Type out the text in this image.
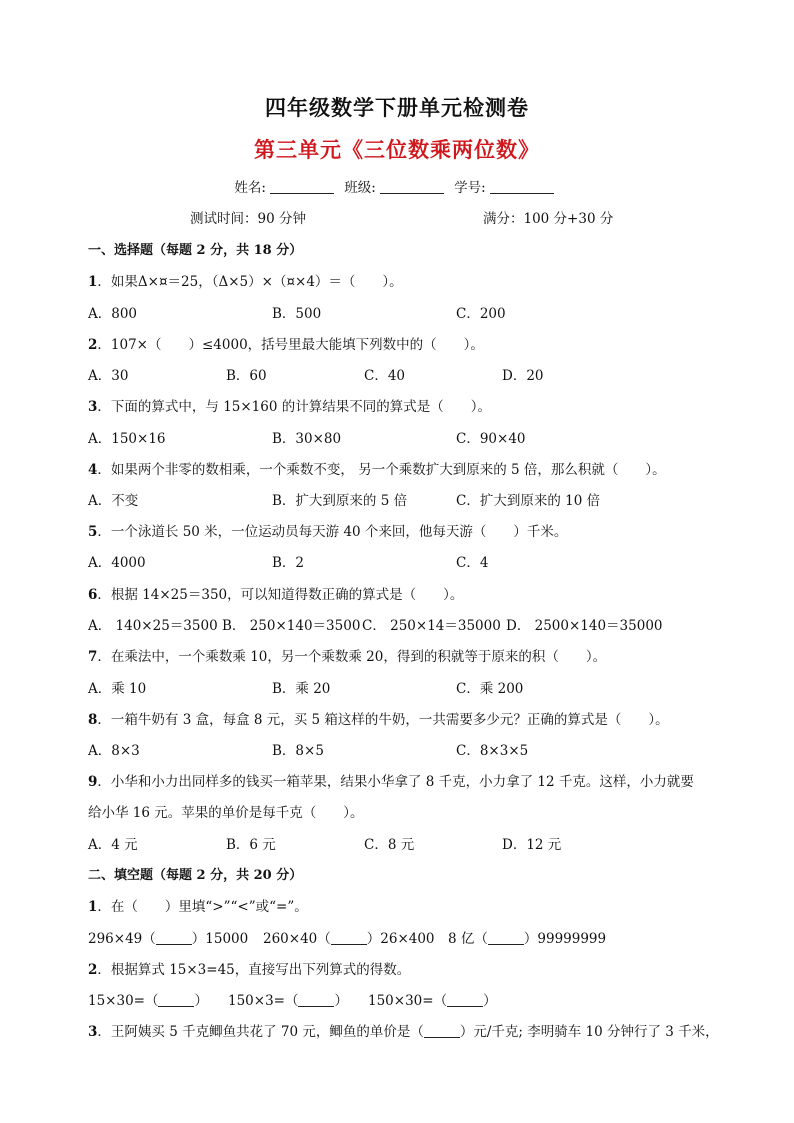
四年级数学下册单元检测卷
第三单元《三位数乘两位数》
姓名:	班级:	学号:
测试时间：90 分钟	满分：100 分+30 分
一、选择题（每题 2 分，共 18 分）
1．如果Δ×¤＝25，（Δ×5）×（¤×4）＝（　　）。
A．800	B．500	C．200
2．107×（　　）≤4000，括号里最大能填下列数中的（　　）。
A．30	B．60	C．40	D．20
3．下面的算式中，与 15×160 的计算结果不同的算式是（　　）。
A．150×16	B．30×80	C．90×40
4．如果两个非零的数相乘，一个乘数不变， 另一个乘数扩大到原来的 5 倍，那么积就（　　）。
A．不变	B．扩大到原来的 5 倍	C．扩大到原来的 10 倍
5．一个泳道长 50 米，一位运动员每天游 40 个来回，他每天游（　　）千米。
A．4000	B．2	C．4
6．根据 14×25＝350，可以知道得数正确的算式是（　　）。
A． 140×25＝3500 B． 250×140＝3500 C． 250×14＝35000 D． 2500×140＝35000
7．在乘法中，一个乘数乘 10，另一个乘数乘 20，得到的积就等于原来的积（　　）。
A．乘 10	B．乘 20	C．乘 200
8．一箱牛奶有 3 盒，每盒 8 元，买 5 箱这样的牛奶，一共需要多少元？正确的算式是（　　）。
A．8×3	B．8×5	C．8×3×5
9．小华和小力出同样多的钱买一箱苹果，结果小华拿了 8 千克，小力拿了 12 千克。这样，小力就要
给小华 16 元。苹果的单价是每千克（　　）。
A．4 元	B．6 元	C．8 元	D．12 元
二、填空题（每题 2 分，共 20 分）
1．在（　　）里填“>”“<”或“=”。
296×49（	）15000 260×40（	）26×400 8 亿（	）99999999
2．根据算式 15×3=45，直接写出下列算式的得数。
15×30=（	） 150×3=（	） 150×30=（	）
3．王阿姨买 5 千克鲫鱼共花了 70 元，鲫鱼的单价是（	）元/千克; 李明骑车 10 分钟行了 3 千米，
